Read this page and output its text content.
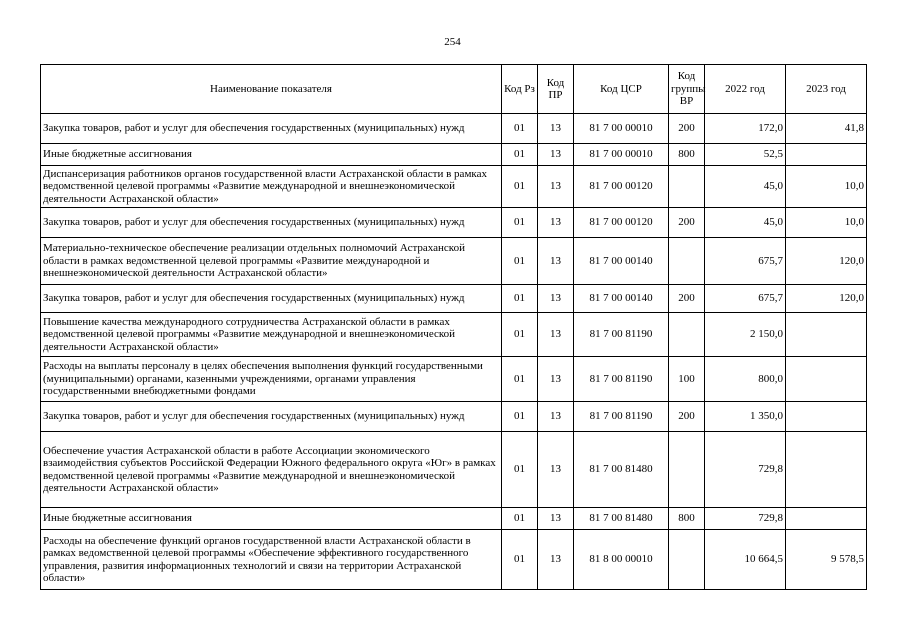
254
Наименование показателя	Код Рз	Код ПР	Код ЦСР	Код группы ВР	2022 год	2023 год
Закупка товаров, работ и услуг для обеспечения государственных (муниципальных) нужд	01	13	81 7 00 00010	200	172,0	41,8
Иные бюджетные ассигнования	01	13	81 7 00 00010	800	52,5	
Диспансеризация работников органов государственной власти Астраханской области в рамках ведомственной целевой программы «Развитие международной и внешнеэкономической деятельности Астраханской области»	01	13	81 7 00 00120		45,0	10,0
Закупка товаров, работ и услуг для обеспечения государственных (муниципальных) нужд	01	13	81 7 00 00120	200	45,0	10,0
Материально-техническое обеспечение реализации отдельных полномочий Астраханской области в рамках ведомственной целевой программы «Развитие международной и внешнеэкономической деятельности Астраханской области»	01	13	81 7 00 00140		675,7	120,0
Закупка товаров, работ и услуг для обеспечения государственных (муниципальных) нужд	01	13	81 7 00 00140	200	675,7	120,0
Повышение качества международного сотрудничества Астраханской области в рамках ведомственной целевой программы «Развитие международной и внешнеэкономической деятельности Астраханской области»	01	13	81 7 00 81190		2 150,0	
Расходы на выплаты персоналу в целях обеспечения выполнения функций государственными (муниципальными) органами, казенными учреждениями, органами управления государственными внебюджетными фондами	01	13	81 7 00 81190	100	800,0	
Закупка товаров, работ и услуг для обеспечения государственных (муниципальных) нужд	01	13	81 7 00 81190	200	1 350,0	
Обеспечение участия Астраханской области в работе Ассоциации экономического взаимодействия субъектов Российской Федерации Южного федерального округа «Юг» в рамках ведомственной целевой программы «Развитие международной и внешнеэкономической деятельности Астраханской области»	01	13	81 7 00 81480		729,8	
Иные бюджетные ассигнования	01	13	81 7 00 81480	800	729,8	
Расходы на обеспечение функций органов государственной власти Астраханской области в рамках ведомственной целевой программы «Обеспечение эффективного государственного управления, развития информационных технологий и связи на территории Астраханской области»	01	13	81 8 00 00010		10 664,5	9 578,5
